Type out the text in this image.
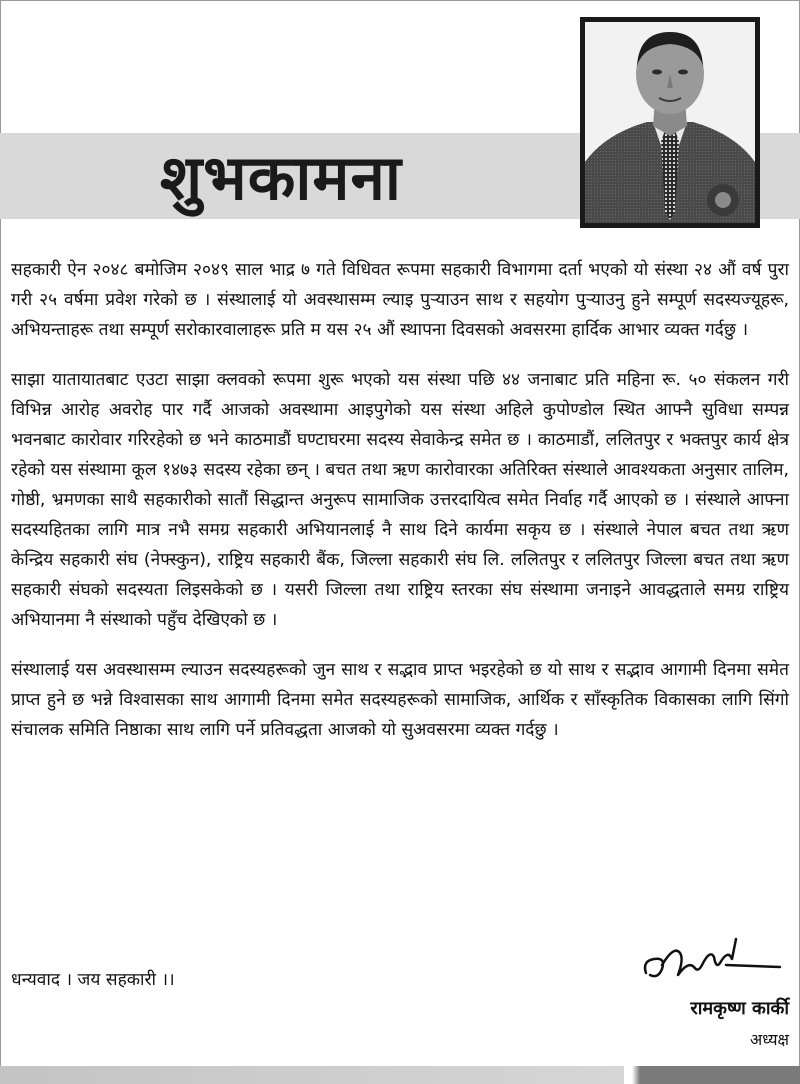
शुभकामना

सहकारी ऐन २०४८ बमोजिम २०४९ साल भाद्र ७ गते विधिवत रूपमा सहकारी विभागमा दर्ता भएको यो संस्था २४ औं वर्ष पुरा गरी २५ वर्षमा प्रवेश गरेको छ । संस्थालाई यो अवस्थासम्म ल्याइ पुऱ्याउन साथ र सहयोग पुऱ्याउनु हुने सम्पूर्ण सदस्यज्यूहरू, अभियन्ताहरू तथा सम्पूर्ण सरोकारवालाहरू प्रति म यस २५ औं स्थापना दिवसको अवसरमा हार्दिक आभार व्यक्त गर्दछु ।

साझा यातायातबाट एउटा साझा क्लवको रूपमा शुरू भएको यस संस्था पछि ४४ जनाबाट प्रति महिना रू. ५० संकलन गरी विभिन्न आरोह अवरोह पार गर्दै आजको अवस्थामा आइपुगेको यस संस्था अहिले कुपोण्डोल स्थित आफ्नै सुविधा सम्पन्न भवनबाट कारोवार गरिरहेको छ भने काठमाडौं घण्टाघरमा सदस्य सेवाकेन्द्र समेत छ । काठमाडौं, ललितपुर र भक्तपुर कार्य क्षेत्र रहेको यस संस्थामा कूल १४७३ सदस्य रहेका छन् । बचत तथा ऋण कारोवारका अतिरिक्त संस्थाले आवश्यकता अनुसार तालिम, गोष्ठी, भ्रमणका साथै सहकारीको सातौं सिद्धान्त अनुरूप सामाजिक उत्तरदायित्व समेत निर्वाह गर्दै आएको छ । संस्थाले आफ्ना सदस्यहितका लागि मात्र नभै समग्र सहकारी अभियानलाई नै साथ दिने कार्यमा सकृय छ । संस्थाले नेपाल बचत तथा ऋण केन्द्रिय सहकारी संघ (नेफ्स्कुन), राष्ट्रिय सहकारी बैंक, जिल्ला सहकारी संघ लि. ललितपुर र ललितपुर जिल्ला बचत तथा ऋण सहकारी संघको सदस्यता लिइसकेको छ । यसरी जिल्ला तथा राष्ट्रिय स्तरका संघ संस्थामा जनाइने आवद्धताले समग्र राष्ट्रिय अभियानमा नै संस्थाको पहुँच देखिएको छ ।

संस्थालाई यस अवस्थासम्म ल्याउन सदस्यहरूको जुन साथ र सद्भाव प्राप्त भइरहेको छ यो साथ र सद्भाव आगामी दिनमा समेत प्राप्त हुने छ भन्ने विश्वासका साथ आगामी दिनमा समेत सदस्यहरूको सामाजिक, आर्थिक र साँस्कृतिक विकासका लागि सिंगो संचालक समिति निष्ठाका साथ लागि पर्ने प्रतिवद्धता आजको यो सुअवसरमा व्यक्त गर्दछु ।

धन्यवाद । जय सहकारी ।।

रामकृष्ण कार्की

अध्यक्ष
